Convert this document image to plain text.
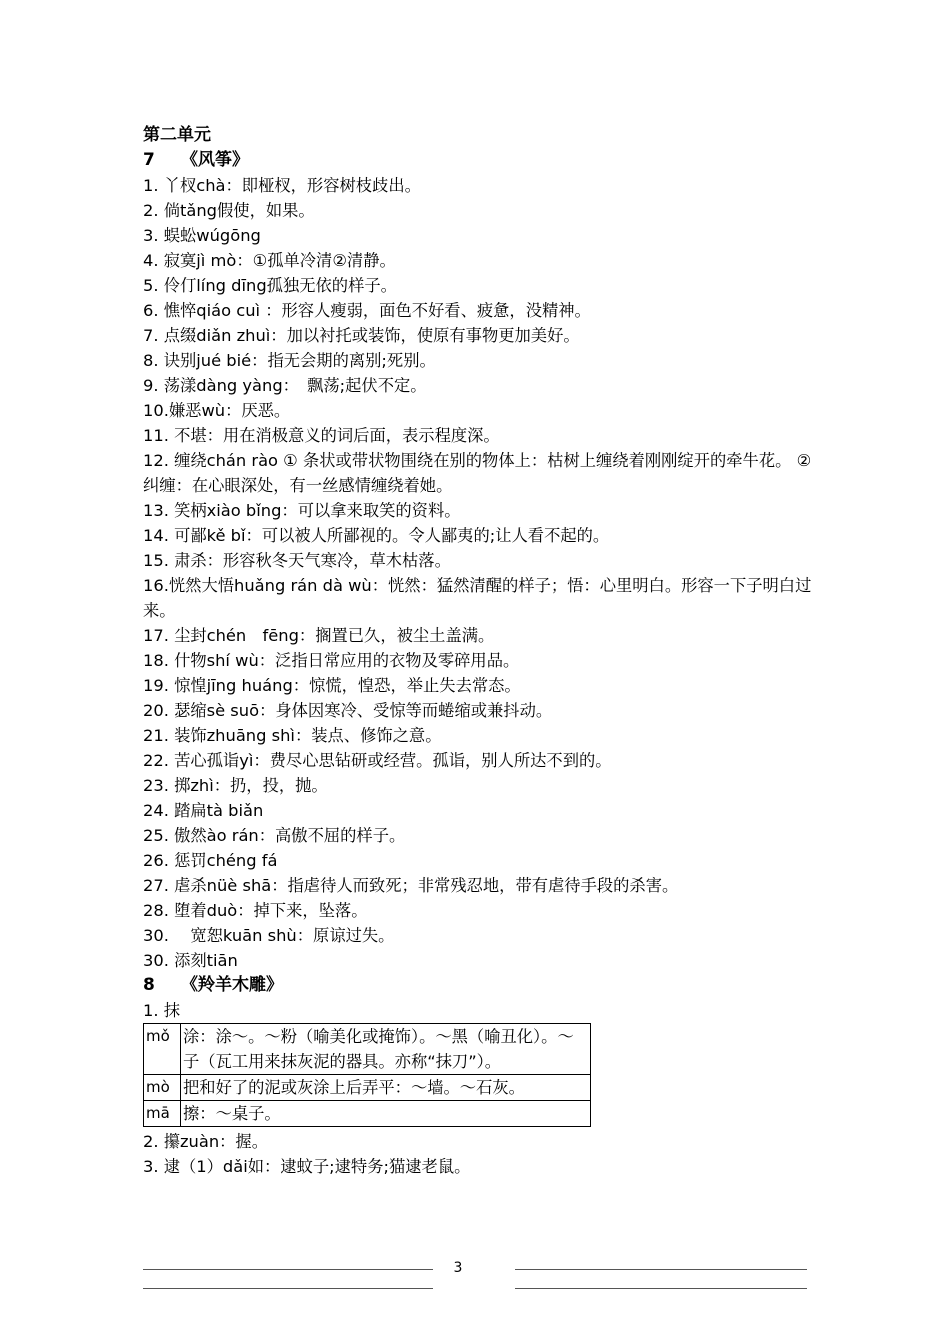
第二单元
7 《风筝》
1. 丫杈chà：即桠杈，形容树枝歧出。
2. 倘tǎng假使，如果。
3. 蜈蚣wúgōng
4. 寂寞jì mò：①孤单冷清②清静。
5. 伶仃líng dīng孤独无依的样子。
6. 憔悴qiáo cuì ：形容人瘦弱，面色不好看、疲惫，没精神。
7. 点缀diǎn zhuì：加以衬托或装饰，使原有事物更加美好。
8. 诀别jué bié：指无会期的离别;死别。
9. 荡漾dàng yàng：　飘荡;起伏不定。
10.嫌恶wù：厌恶。
11. 不堪：用在消极意义的词后面，表示程度深。
12. 缠绕chán rào ① 条状或带状物围绕在别的物体上：枯树上缠绕着刚刚绽开的牵牛花。 ②纠缠：在心眼深处，有一丝感情缠绕着她。
13. 笑柄xiào bǐng：可以拿来取笑的资料。
14. 可鄙kě bǐ：可以被人所鄙视的。令人鄙夷的;让人看不起的。
15. 肃杀：形容秋冬天气寒冷，草木枯落。
16.恍然大悟huǎng rán dà wù：恍然：猛然清醒的样子；悟：心里明白。形容一下子明白过来。
17. 尘封chén　fēng：搁置已久，被尘土盖满。
18. 什物shí wù：泛指日常应用的衣物及零碎用品。
19. 惊惶jīng huáng：惊慌，惶恐，举止失去常态。
20. 瑟缩sè suō：身体因寒冷、受惊等而蜷缩或兼抖动。
21. 装饰zhuāng shì：装点、修饰之意。
22. 苦心孤诣yì：费尽心思钻研或经营。孤诣，别人所达不到的。
23. 掷zhì：扔，投，抛。
24. 踏扁tà biǎn
25. 傲然ào rán：高傲不屈的样子。
26. 惩罚chéng fá
27. 虐杀nüè shā：指虐待人而致死；非常残忍地，带有虐待手段的杀害。
28. 堕着duò：掉下来，坠落。
30. 　宽恕kuān shù：原谅过失。
30. 添刻tiān
8 《羚羊木雕》
1. 抹
mǒ	涂：涂～。～粉（喻美化或掩饰）。～黑（喻丑化）。～子（瓦工用来抹灰泥的器具。亦称“抹刀”）。
mò	把和好了的泥或灰涂上后弄平：～墙。～石灰。
mā	擦：～桌子。
2. 攥zuàn：握。
3. 逮（1）dǎi如：逮蚊子;逮特务;猫逮老鼠。
3
